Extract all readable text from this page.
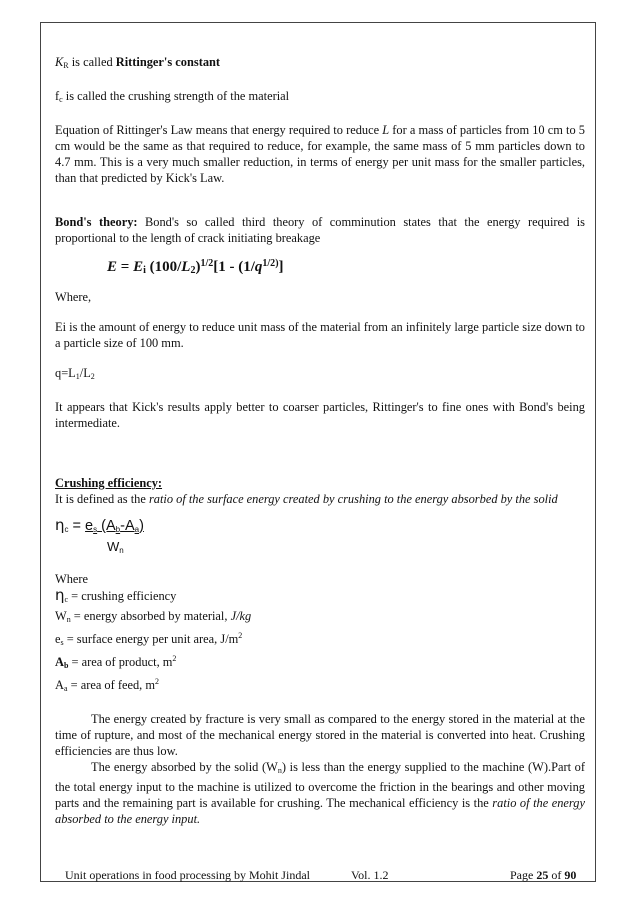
$K_R$ is called Rittinger's constant

$f_c$ is called the crushing strength of the material

Equation of Rittinger's Law means that energy required to reduce L for a mass of particles from 10 cm to 5 cm would be the same as that required to reduce, for example, the same mass of 5 mm particles down to 4.7 mm. This is a very much smaller reduction, in terms of energy per unit mass for the smaller particles, than that predicted by Kick's Law.

Bond's theory: Bond's so called third theory of comminution states that the energy required is proportional to the length of crack initiating breakage

$E = E_i$ $(100/L_2)^{1/2}[1 - (1/q^{1/2)}]$

Where,

Ei is the amount of energy to reduce unit mass of the material from an infinitely large particle size down to a particle size of 100 mm.

$q=L_1/L_2$

It appears that Kick's results apply better to coarser particles, Rittinger's to fine ones with Bond's being intermediate.

Crushing efficiency:

It is defined as the ratio of the surface energy created by crushing to the energy absorbed by the solid

$\eta_c = e_s$ $(A_b-A_a)$
$W_n$

Where

$\eta_c$ = crushing efficiency

$W_n$ = energy absorbed by material, J/kg

$e_s$ = surface energy per unit area, $J/m^2$

$A_b$ = area of product, $m^2$

$A_a$ = area of feed, $m^2$

The energy created by fracture is very small as compared to the energy stored in the material at the time of rupture, and most of the mechanical energy stored in the material is converted into heat. Crushing efficiencies are thus low.

The energy absorbed by the solid $(W_n)$ is less than the energy supplied to the machine (W).Part of the total energy input to the machine is utilized to overcome the friction in the bearings and other moving parts and the remaining part is available for crushing. The mechanical efficiency is the ratio of the energy absorbed to the energy input.

Unit operations in food processing by Mohit Jindal	Vol. 1.2	Page 25 of 90
